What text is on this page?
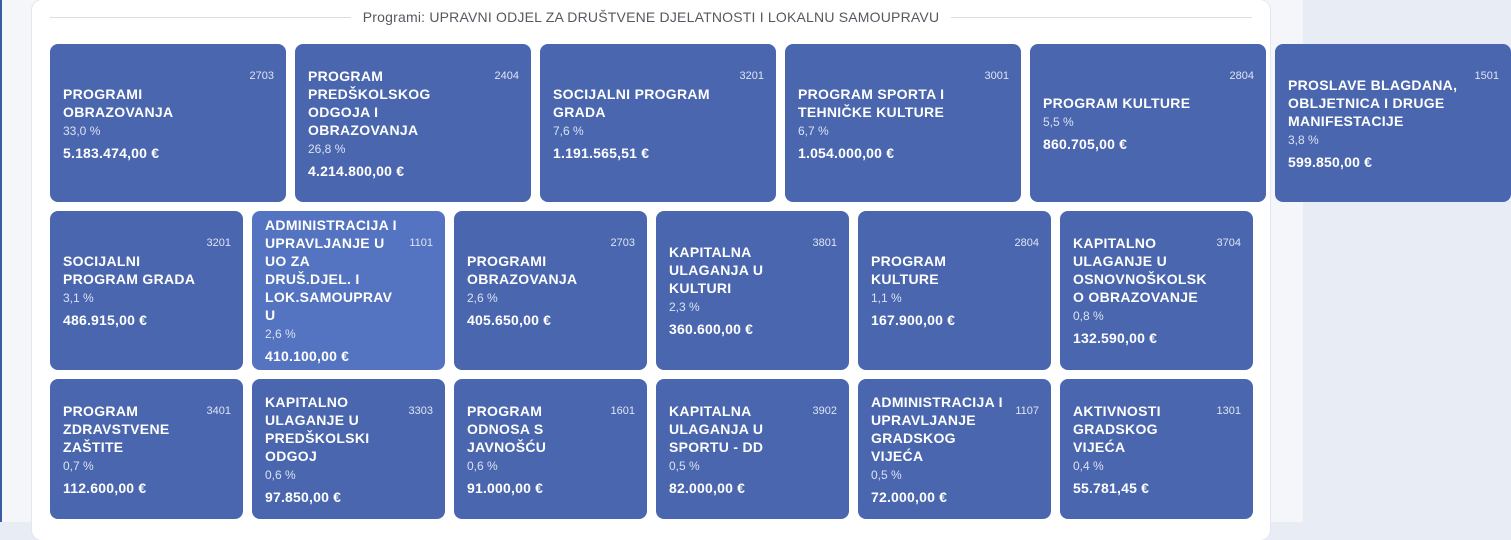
Programi: UPRAVNI ODJEL ZA DRUŠTVENE DJELATNOSTI I LOKALNU SAMOUPRAVU
2703
PROGRAMI OBRAZOVANJA
33,0 %
5.183.474,00 €
2404
PROGRAM PREDŠKOLSKOG ODGOJA I OBRAZOVANJA
26,8 %
4.214.800,00 €
3201
SOCIJALNI PROGRAM GRADA
7,6 %
1.191.565,51 €
3001
PROGRAM SPORTA I TEHNIČKE KULTURE
6,7 %
1.054.000,00 €
2804
PROGRAM KULTURE
5,5 %
860.705,00 €
1501
PROSLAVE BLAGDANA, OBLJETNICA I DRUGE MANIFESTACIJE
3,8 %
599.850,00 €
3201
SOCIJALNI PROGRAM GRADA
3,1 %
486.915,00 €
1101
ADMINISTRACIJA I UPRAVLJANJE U UO ZA DRUŠ.DJEL. I LOK.SAMOUPRAVU
2,6 %
410.100,00 €
2703
PROGRAMI OBRAZOVANJA
2,6 %
405.650,00 €
3801
KAPITALNA ULAGANJA U KULTURI
2,3 %
360.600,00 €
2804
PROGRAM KULTURE
1,1 %
167.900,00 €
3704
KAPITALNO ULAGANJE U OSNOVNOŠKOLSKO OBRAZOVANJE
0,8 %
132.590,00 €
3401
PROGRAM ZDRAVSTVENE ZAŠTITE
0,7 %
112.600,00 €
3303
KAPITALNO ULAGANJE U PREDŠKOLSKI ODGOJ
0,6 %
97.850,00 €
1601
PROGRAM ODNOSA S JAVNOŠĆU
0,6 %
91.000,00 €
3902
KAPITALNA ULAGANJA U SPORTU - DD
0,5 %
82.000,00 €
1107
ADMINISTRACIJA I UPRAVLJANJE GRADSKOG VIJEĆA
0,5 %
72.000,00 €
1301
AKTIVNOSTI GRADSKOG VIJEĆA
0,4 %
55.781,45 €
